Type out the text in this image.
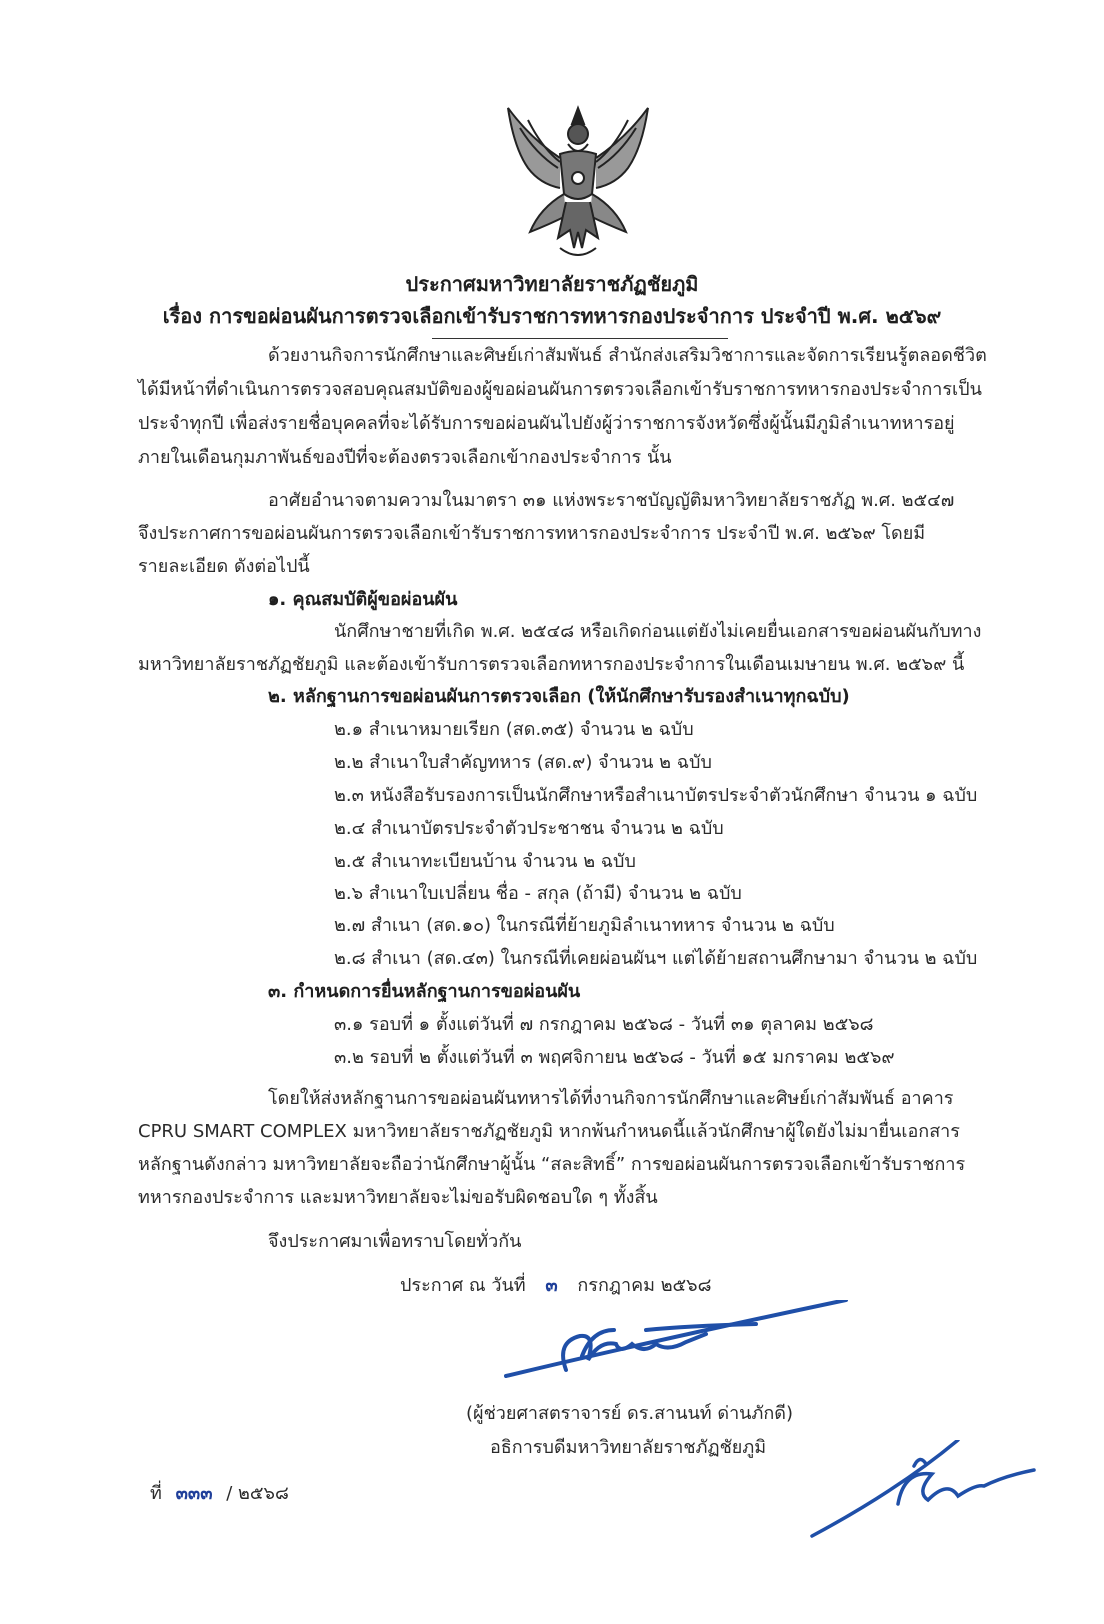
ประกาศมหาวิทยาลัยราชภัฏชัยภูมิ
เรื่อง การขอผ่อนผันการตรวจเลือกเข้ารับราชการทหารกองประจำการ ประจำปี พ.ศ. ๒๕๖๙
ด้วยงานกิจการนักศึกษาและศิษย์เก่าสัมพันธ์ สำนักส่งเสริมวิชาการและจัดการเรียนรู้ตลอดชีวิต
ได้มีหน้าที่ดำเนินการตรวจสอบคุณสมบัติของผู้ขอผ่อนผันการตรวจเลือกเข้ารับราชการทหารกองประจำการเป็น
ประจำทุกปี เพื่อส่งรายชื่อบุคคลที่จะได้รับการขอผ่อนผันไปยังผู้ว่าราชการจังหวัดซึ่งผู้นั้นมีภูมิลำเนาทหารอยู่
ภายในเดือนกุมภาพันธ์ของปีที่จะต้องตรวจเลือกเข้ากองประจำการ นั้น
อาศัยอำนาจตามความในมาตรา ๓๑ แห่งพระราชบัญญัติมหาวิทยาลัยราชภัฏ พ.ศ. ๒๕๔๗
จึงประกาศการขอผ่อนผันการตรวจเลือกเข้ารับราชการทหารกองประจำการ ประจำปี พ.ศ. ๒๕๖๙ โดยมี
รายละเอียด ดังต่อไปนี้
๑. คุณสมบัติผู้ขอผ่อนผัน
นักศึกษาชายที่เกิด พ.ศ. ๒๕๔๘ หรือเกิดก่อนแต่ยังไม่เคยยื่นเอกสารขอผ่อนผันกับทาง
มหาวิทยาลัยราชภัฏชัยภูมิ และต้องเข้ารับการตรวจเลือกทหารกองประจำการในเดือนเมษายน พ.ศ. ๒๕๖๙ นี้
๒. หลักฐานการขอผ่อนผันการตรวจเลือก (ให้นักศึกษารับรองสำเนาทุกฉบับ)
๒.๑ สำเนาหมายเรียก (สด.๓๕) จำนวน ๒ ฉบับ
๒.๒ สำเนาใบสำคัญทหาร (สด.๙) จำนวน ๒ ฉบับ
๒.๓ หนังสือรับรองการเป็นนักศึกษาหรือสำเนาบัตรประจำตัวนักศึกษา จำนวน ๑ ฉบับ
๒.๔ สำเนาบัตรประจำตัวประชาชน จำนวน ๒ ฉบับ
๒.๕ สำเนาทะเบียนบ้าน จำนวน ๒ ฉบับ
๒.๖ สำเนาใบเปลี่ยน ชื่อ - สกุล (ถ้ามี) จำนวน ๒ ฉบับ
๒.๗ สำเนา (สด.๑๐) ในกรณีที่ย้ายภูมิลำเนาทหาร จำนวน ๒ ฉบับ
๒.๘ สำเนา (สด.๔๓) ในกรณีที่เคยผ่อนผันฯ แต่ได้ย้ายสถานศึกษามา จำนวน ๒ ฉบับ
๓. กำหนดการยื่นหลักฐานการขอผ่อนผัน
๓.๑ รอบที่ ๑ ตั้งแต่วันที่ ๗ กรกฎาคม ๒๕๖๘ - วันที่ ๓๑ ตุลาคม ๒๕๖๘
๓.๒ รอบที่ ๒ ตั้งแต่วันที่ ๓ พฤศจิกายน ๒๕๖๘ - วันที่ ๑๕ มกราคม ๒๕๖๙
โดยให้ส่งหลักฐานการขอผ่อนผันทหารได้ที่งานกิจการนักศึกษาและศิษย์เก่าสัมพันธ์ อาคาร
CPRU SMART COMPLEX มหาวิทยาลัยราชภัฏชัยภูมิ หากพ้นกำหนดนี้แล้วนักศึกษาผู้ใดยังไม่มายื่นเอกสาร
หลักฐานดังกล่าว มหาวิทยาลัยจะถือว่านักศึกษาผู้นั้น “สละสิทธิ์” การขอผ่อนผันการตรวจเลือกเข้ารับราชการ
ทหารกองประจำการ และมหาวิทยาลัยจะไม่ขอรับผิดชอบใด ๆ ทั้งสิ้น
จึงประกาศมาเพื่อทราบโดยทั่วกัน
ประกาศ ณ วันที่ ๓ กรกฎาคม ๒๕๖๘
(ผู้ช่วยศาสตราจารย์ ดร.สานนท์ ด่านภักดี)
อธิการบดีมหาวิทยาลัยราชภัฏชัยภูมิ
ที่ ๓๓๓ / ๒๕๖๘
